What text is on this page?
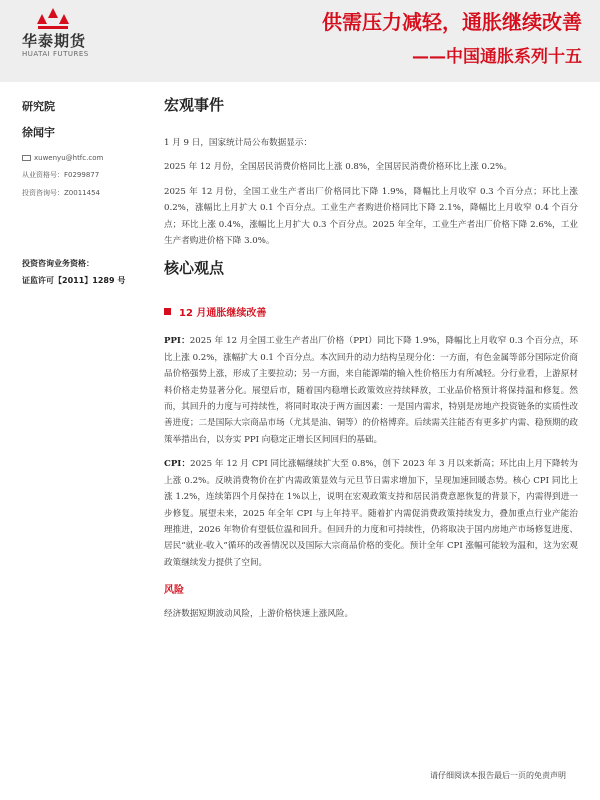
华泰期货
HUATAI FUTURES
供需压力减轻，通胀继续改善
——中国通胀系列十五
研究院
徐闻宇
xuwenyu@htfc.com
从业资格号：F0299877
投资咨询号：Z0011454
投资咨询业务资格：
证监许可【2011】1289 号
宏观事件

1 月 9 日，国家统计局公布数据显示：

2025 年 12 月份，全国居民消费价格同比上涨 0.8%，全国居民消费价格环比上涨 0.2%。

2025 年 12 月份，全国工业生产者出厂价格同比下降 1.9%，降幅比上月收窄 0.3 个百分点；环比上涨 0.2%，涨幅比上月扩大 0.1 个百分点。工业生产者购进价格同比下降 2.1%，降幅比上月收窄 0.4 个百分点；环比上涨 0.4%，涨幅比上月扩大 0.3 个百分点。2025 年全年，工业生产者出厂价格下降 2.6%，工业生产者购进价格下降 3.0%。

核心观点
12 月通胀继续改善

PPI：2025 年 12 月全国工业生产者出厂价格（PPI）同比下降 1.9%，降幅比上月收窄 0.3 个百分点，环比上涨 0.2%，涨幅扩大 0.1 个百分点。本次回升的动力结构呈现分化：一方面，有色金属等部分国际定价商品价格强势上涨，形成了主要拉动；另一方面，来自能源端的输入性价格压力有所减轻。分行业看，上游原材料价格走势显著分化。展望后市，随着国内稳增长政策效应持续释放，工业品价格预计将保持温和修复。然而，其回升的力度与可持续性，将同时取决于两方面因素：一是国内需求，特别是房地产投资链条的实质性改善进度；二是国际大宗商品市场（尤其是油、铜等）的价格博弈。后续需关注能否有更多扩内需、稳预期的政策举措出台，以夯实 PPI 向稳定正增长区间回归的基础。

CPI：2025 年 12 月 CPI 同比涨幅继续扩大至 0.8%，创下 2023 年 3 月以来新高；环比由上月下降转为上涨 0.2%。反映消费物价在扩内需政策显效与元旦节日需求增加下，呈现加速回暖态势。核心 CPI 同比上涨 1.2%，连续第四个月保持在 1%以上，说明在宏观政策支持和居民消费意愿恢复的背景下，内需得到进一步修复。展望未来，2025 年全年 CPI 与上年持平。随着扩内需促消费政策持续发力，叠加重点行业产能治理推进，2026 年物价有望低位温和回升。但回升的力度和可持续性，仍将取决于国内房地产市场修复进度、居民“就业-收入”循环的改善情况以及国际大宗商品价格的变化。预计全年 CPI 涨幅可能较为温和，这为宏观政策继续发力提供了空间。

风险

经济数据短期波动风险，上游价格快速上涨风险。

请仔细阅读本报告最后一页的免责声明
